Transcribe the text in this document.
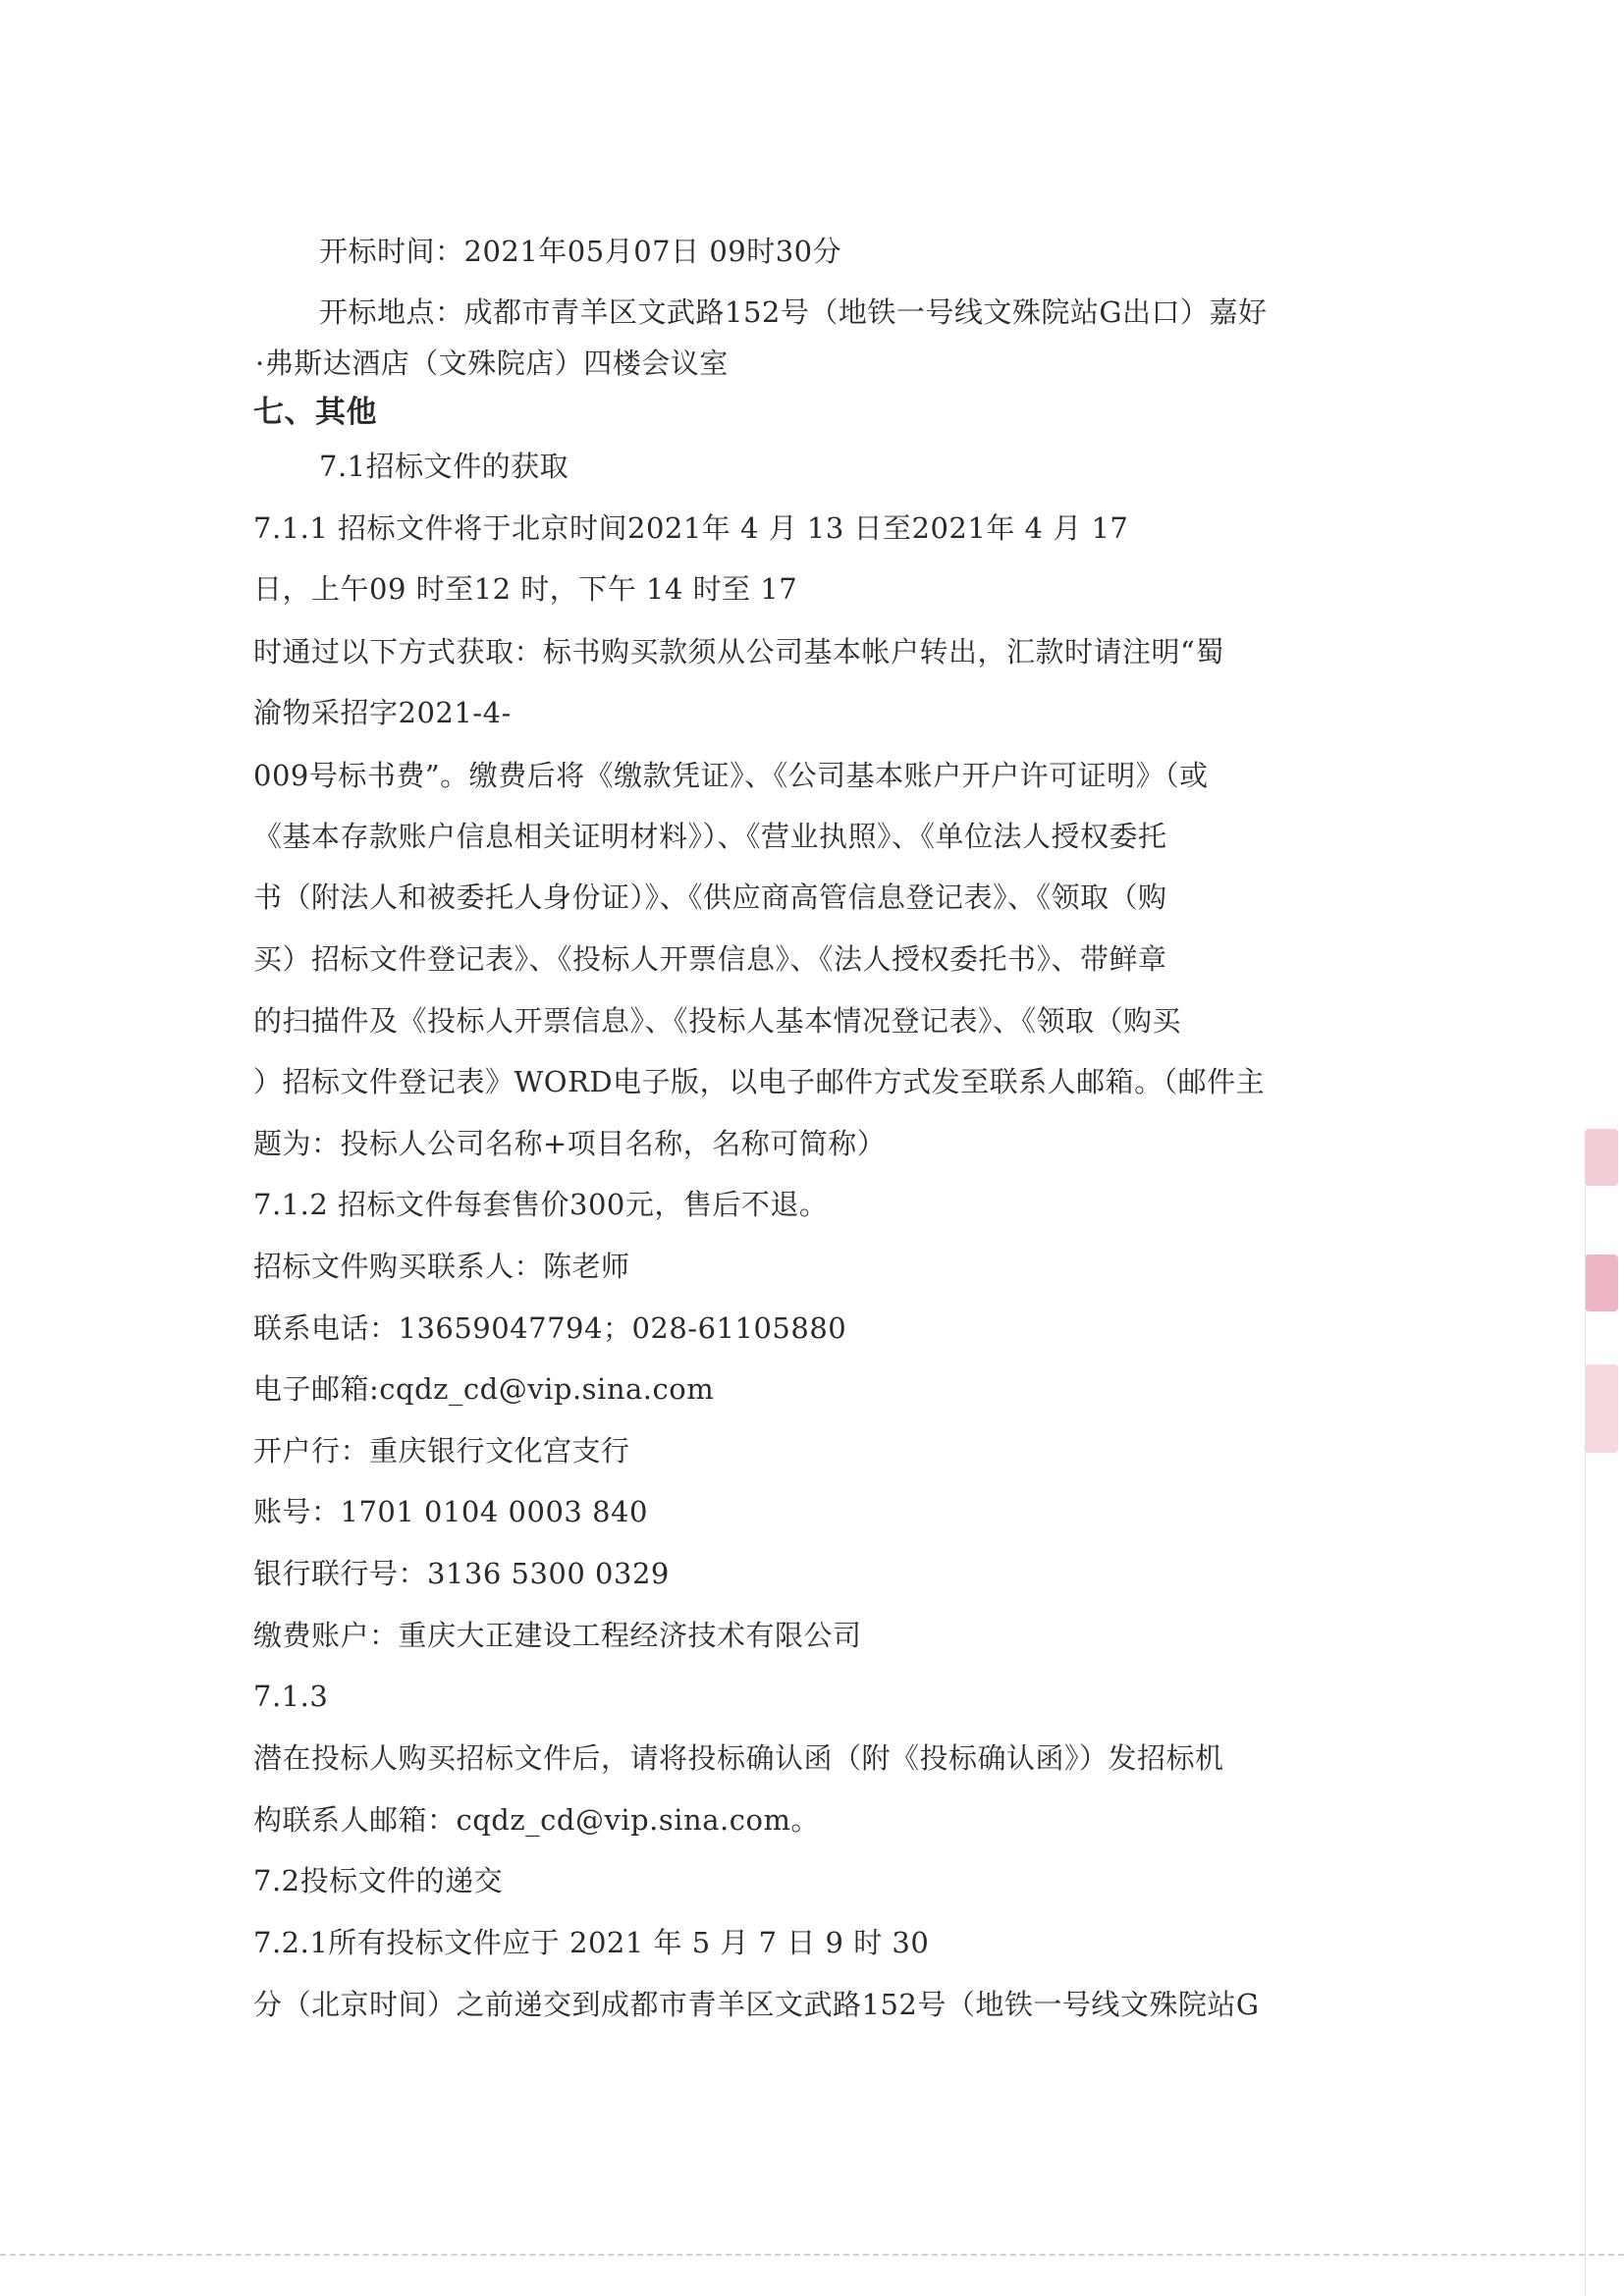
开标时间：2021年05月07日 09时30分
开标地点：成都市青羊区文武路152号（地铁一号线文殊院站G出口）嘉好
·弗斯达酒店（文殊院店）四楼会议室
七、其他
7.1招标文件的获取
7.1.1 招标文件将于北京时间2021年 4 月 13 日至2021年 4 月 17
日，上午09 时至12 时，下午 14 时至 17
时通过以下方式获取：标书购买款须从公司基本帐户转出，汇款时请注明“蜀
渝物采招字2021-4-
009号标书费”。缴费后将《缴款凭证》、《公司基本账户开户许可证明》（或
《基本存款账户信息相关证明材料》）、《营业执照》、《单位法人授权委托
书（附法人和被委托人身份证）》、《供应商高管信息登记表》、《领取（购
买）招标文件登记表》、《投标人开票信息》、《法人授权委托书》、带鲜章
的扫描件及《投标人开票信息》、《投标人基本情况登记表》、《领取（购买
）招标文件登记表》WORD电子版，以电子邮件方式发至联系人邮箱。（邮件主
题为：投标人公司名称+项目名称，名称可简称）
7.1.2 招标文件每套售价300元，售后不退。
招标文件购买联系人：陈老师
联系电话：13659047794；028-61105880
电子邮箱:cqdz_cd@vip.sina.com
开户行：重庆银行文化宫支行
账号：1701 0104 0003 840
银行联行号：3136 5300 0329
缴费账户：重庆大正建设工程经济技术有限公司
7.1.3
潜在投标人购买招标文件后，请将投标确认函（附《投标确认函》）发招标机
构联系人邮箱：cqdz_cd@vip.sina.com。
7.2投标文件的递交
7.2.1所有投标文件应于 2021 年 5 月 7 日 9 时 30
分（北京时间）之前递交到成都市青羊区文武路152号（地铁一号线文殊院站G
